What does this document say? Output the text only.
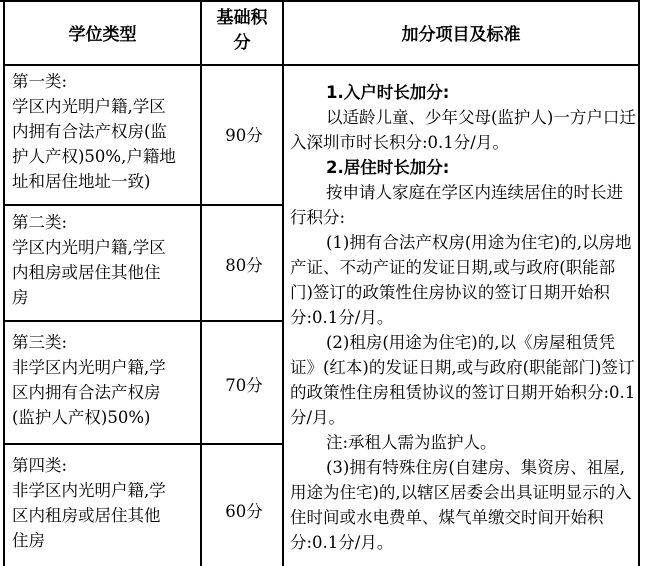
学位类型
基础积
分	加分项目及标准
第一类:
学区内光明户籍,学区
内拥有合法产权房(监
护人产权)50%,户籍地
址和居住地址一致)
第二类:
学区内光明户籍,学区
内租房或居住其他住
房
第三类:
非学区内光明户籍,学
区内拥有合法产权房
(监护人产权)50%)
第四类:
非学区内光明户籍,学
区内租房或居住其他
住房
90分
80分
70分
60分

1.入户时长加分:

以适龄儿童、少年父母(监护人)一方户口迁入深圳市时长积分:0.1分/月。

2.居住时长加分:

按申请人家庭在学区内连续居住的时长进行积分:

(1)拥有合法产权房(用途为住宅)的,以房地产证、不动产证的发证日期,或与政府(职能部门)签订的政策性住房协议的签订日期开始积分:0.1分/月。

(2)租房(用途为住宅)的,以《房屋租赁凭证》(红本)的发证日期,或与政府(职能部门)签订的政策性住房租赁协议的签订日期开始积分:0.1分/月。

注:承租人需为监护人。

(3)拥有特殊住房(自建房、集资房、祖屋,用途为住宅)的,以辖区居委会出具证明显示的入住时间或水电费单、煤气单缴交时间开始积分:0.1分/月。
